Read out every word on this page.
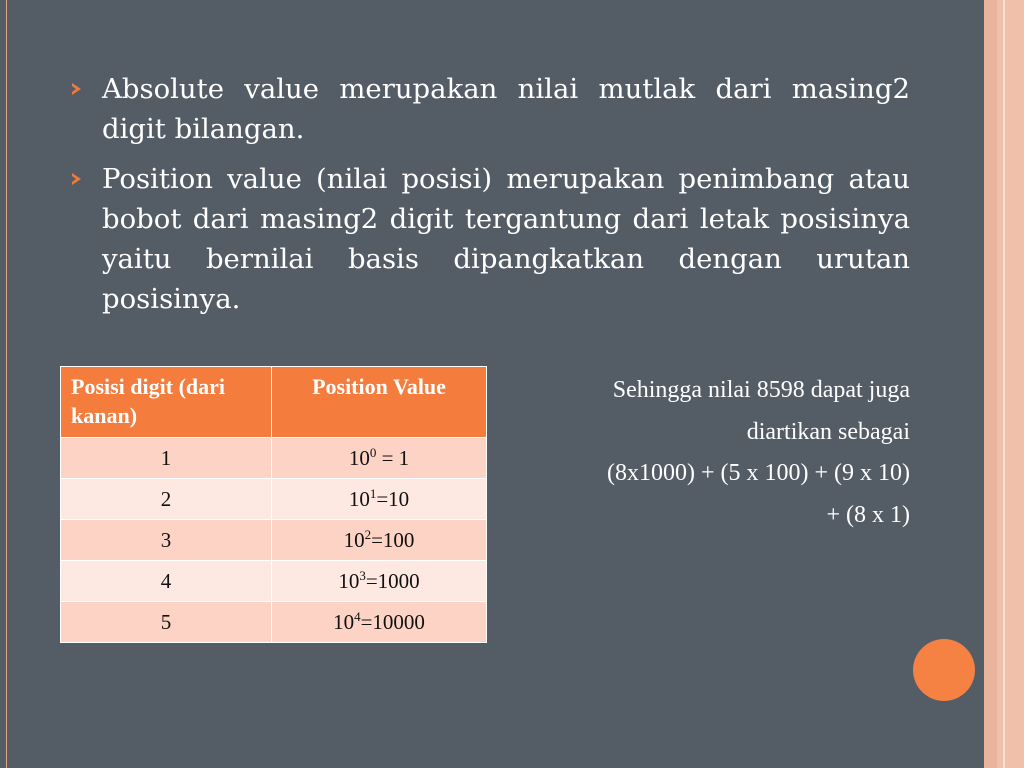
Absolute value merupakan nilai mutlak dari masing2 digit bilangan.
Position value (nilai posisi) merupakan penimbang atau bobot dari masing2 digit tergantung dari letak posisinya yaitu bernilai basis dipangkatkan dengan urutan posisinya.
Posisi digit (dari kanan)	Position Value
1	$10^0 = 1$
2	$10^1=10$
3	$10^2=100$
4	$10^3=1000$
5	$10^4=10000$
Sehingga nilai 8598 dapat juga
diartikan sebagai
(8x1000) + (5 x 100) + (9 x 10)
+ (8 x 1)
